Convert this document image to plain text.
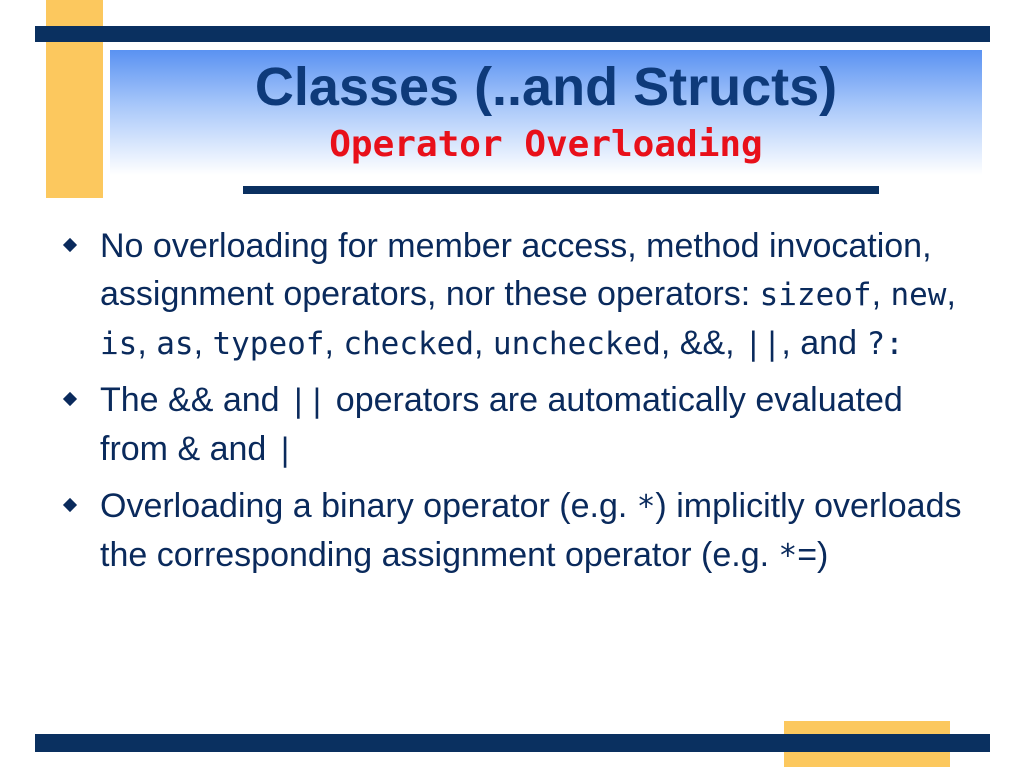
Classes (..and Structs)
Operator Overloading
No overloading for member access, method invocation, assignment operators, nor these operators: sizeof, new, is, as, typeof, checked, unchecked, &&, ||, and ?:
The && and || operators are automatically evaluated from & and |
Overloading a binary operator (e.g. *) implicitly overloads the corresponding assignment operator (e.g. *=)
